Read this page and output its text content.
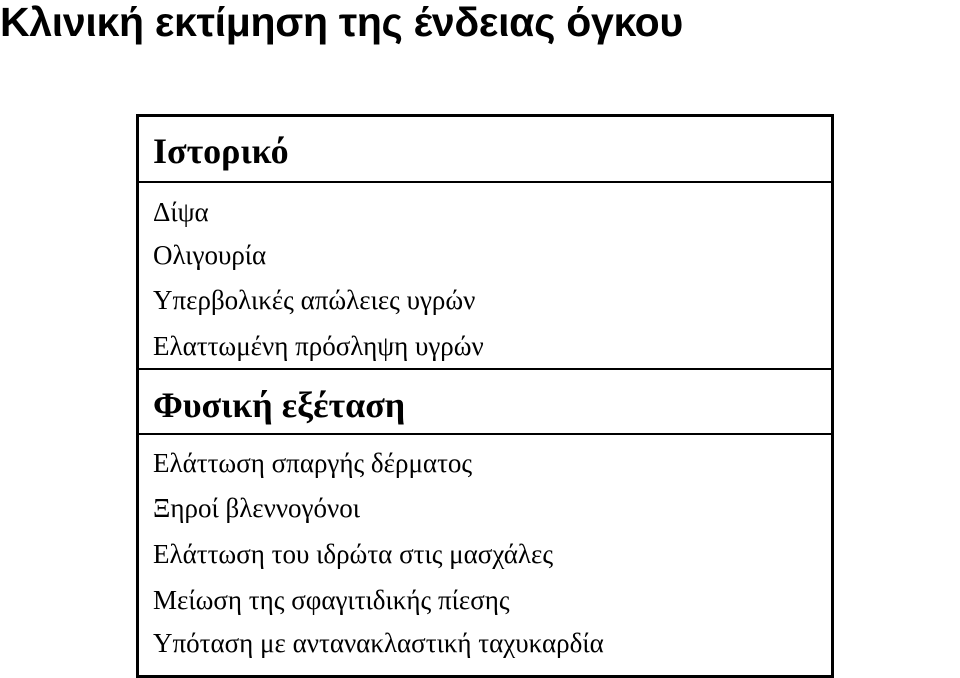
Κλινική εκτίμηση της ένδειας όγκου
Ιστορικό
Δίψα
Ολιγουρία
Υπερβολικές απώλειες υγρών
Ελαττωμένη πρόσληψη υγρών
Φυσική εξέταση
Ελάττωση σπαργής δέρματος
Ξηροί βλεννογόνοι
Ελάττωση του ιδρώτα στις μασχάλες
Μείωση της σφαγιτιδικής πίεσης
Υπόταση με αντανακλαστική ταχυκαρδία
